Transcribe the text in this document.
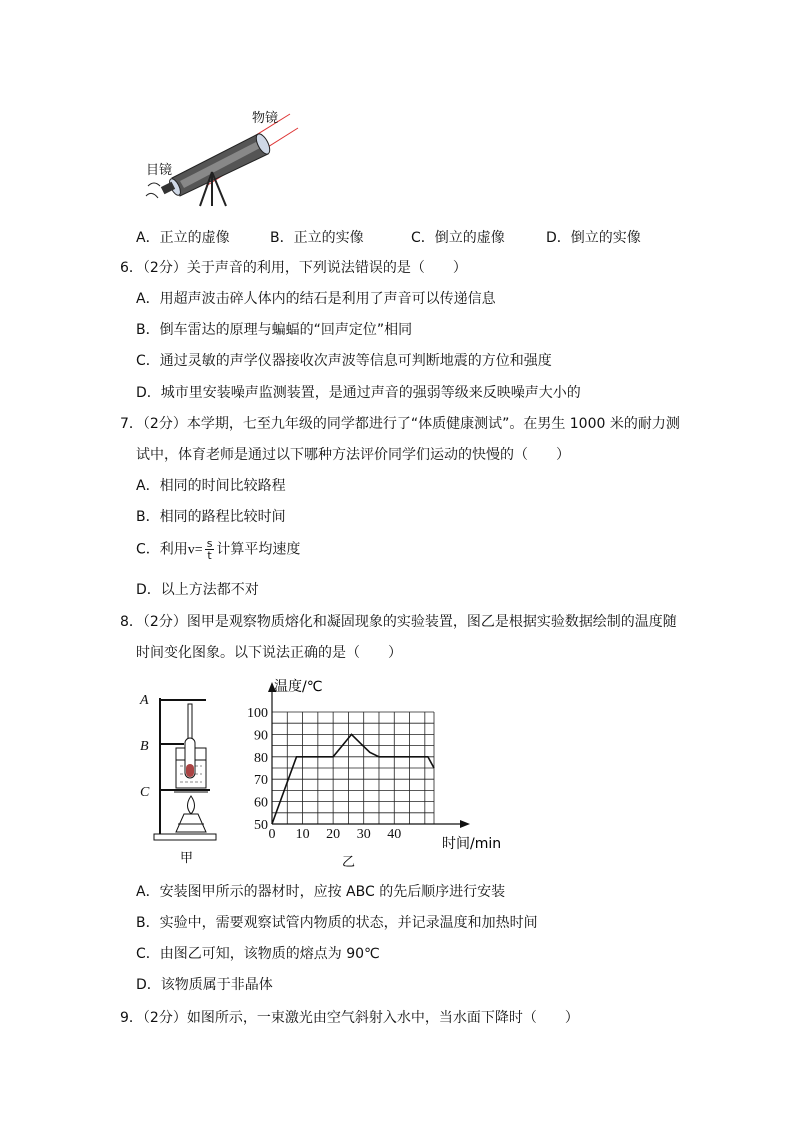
物镜
目镜
A．正立的虚像	B．正立的实像	C．倒立的虚像	D．倒立的实像
6．（2分）关于声音的利用，下列说法错误的是（　　）
A．用超声波击碎人体内的结石是利用了声音可以传递信息
B．倒车雷达的原理与蝙蝠的“回声定位”相同
C．通过灵敏的声学仪器接收次声波等信息可判断地震的方位和强度
D．城市里安装噪声监测装置，是通过声音的强弱等级来反映噪声大小的
7．（2分）本学期，七至九年级的同学都进行了“体质健康测试”。在男生 1000 米的耐力测
试中，体育老师是通过以下哪种方法评价同学们运动的快慢的（　　）
A．相同的时间比较路程
B．相同的路程比较时间
C．利用$v= \frac{s}{t}$ 计算平均速度
D．以上方法都不对
8．（2分）图甲是观察物质熔化和凝固现象的实验装置，图乙是根据实验数据绘制的温度随
时间变化图象。以下说法正确的是（　　）
A
B
C
甲
50
60
70
80
90
100
0 10 20 30 40
温度/℃
时间/min
乙
A．安装图甲所示的器材时，应按 ABC 的先后顺序进行安装
B．实验中，需要观察试管内物质的状态，并记录温度和加热时间
C．由图乙可知，该物质的熔点为 90℃
D．该物质属于非晶体
9．（2分）如图所示，一束激光由空气斜射入水中，当水面下降时（　　）
